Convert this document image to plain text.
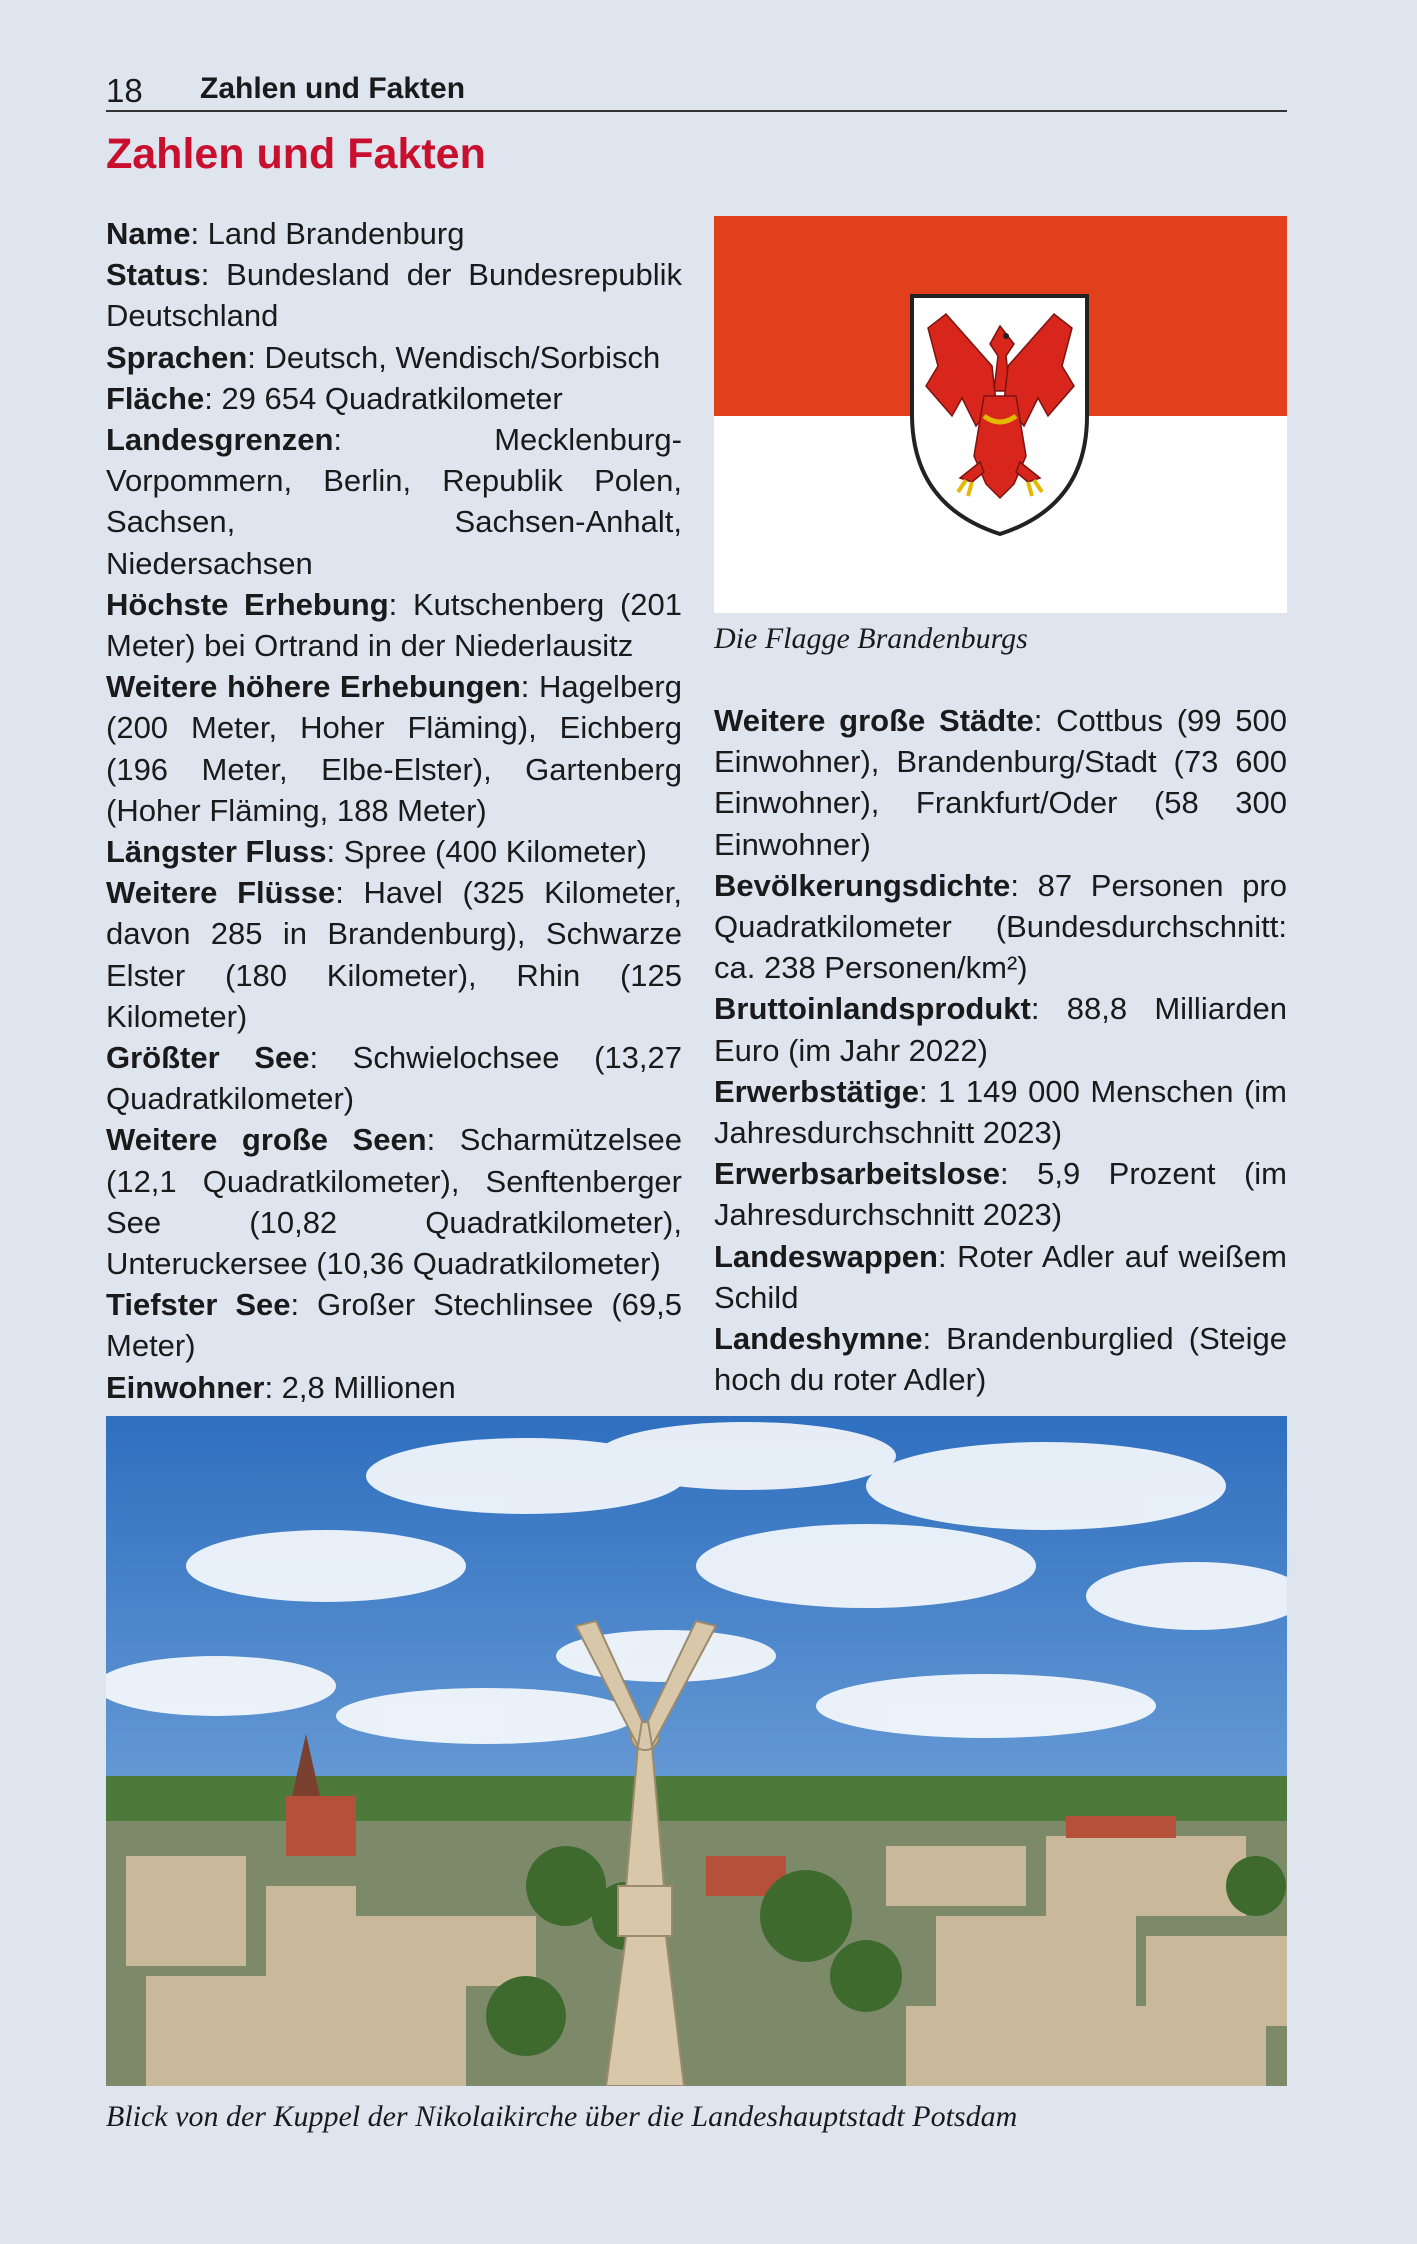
18 Zahlen und Fakten
Zahlen und Fakten

Name: Land Brandenburg

Status: Bundesland der Bundesrepublik Deutschland

Sprachen: Deutsch, Wendisch/Sorbisch

Fläche: 29 654 Quadratkilometer

Landesgrenzen: Mecklenburg-Vorpommern, Berlin, Republik Polen, Sachsen, Sachsen-Anhalt, Niedersachsen

Höchste Erhebung: Kutschenberg (201 Meter) bei Ortrand in der Niederlausitz

Weitere höhere Erhebungen: Hagelberg (200 Meter, Hoher Fläming), Eichberg (196 Meter, Elbe-Elster), Gartenberg (Hoher Fläming, 188 Meter)

Längster Fluss: Spree (400 Kilometer)

Weitere Flüsse: Havel (325 Kilometer, davon 285 in Brandenburg), Schwarze Elster (180 Kilometer), Rhin (125 Kilometer)

Größter See: Schwielochsee (13,27 Quadratkilometer)

Weitere große Seen: Scharmützelsee (12,1 Quadratkilometer), Senftenberger See (10,82 Quadratkilometer), Unteruckersee (10,36 Quadratkilometer)

Tiefster See: Großer Stechlinsee (69,5 Meter)

Einwohner: 2,8 Millionen

Die Flagge Brandenburgs

Weitere große Städte: Cottbus (99 500 Einwohner), Brandenburg/Stadt (73 600 Einwohner), Frankfurt/Oder (58 300 Einwohner)

Bevölkerungsdichte: 87 Personen pro Quadratkilometer (Bundesdurchschnitt: ca. 238 Personen/km²)

Bruttoinlandsprodukt: 88,8 Milliarden Euro (im Jahr 2022)

Erwerbstätige: 1 149 000 Menschen (im Jahresdurchschnitt 2023)

Erwerbsarbeitslose: 5,9 Prozent (im Jahresdurchschnitt 2023)

Landeswappen: Roter Adler auf weißem Schild

Landeshymne: Brandenburglied (Steige hoch du roter Adler)

Blick von der Kuppel der Nikolaikirche über die Landeshauptstadt Potsdam
